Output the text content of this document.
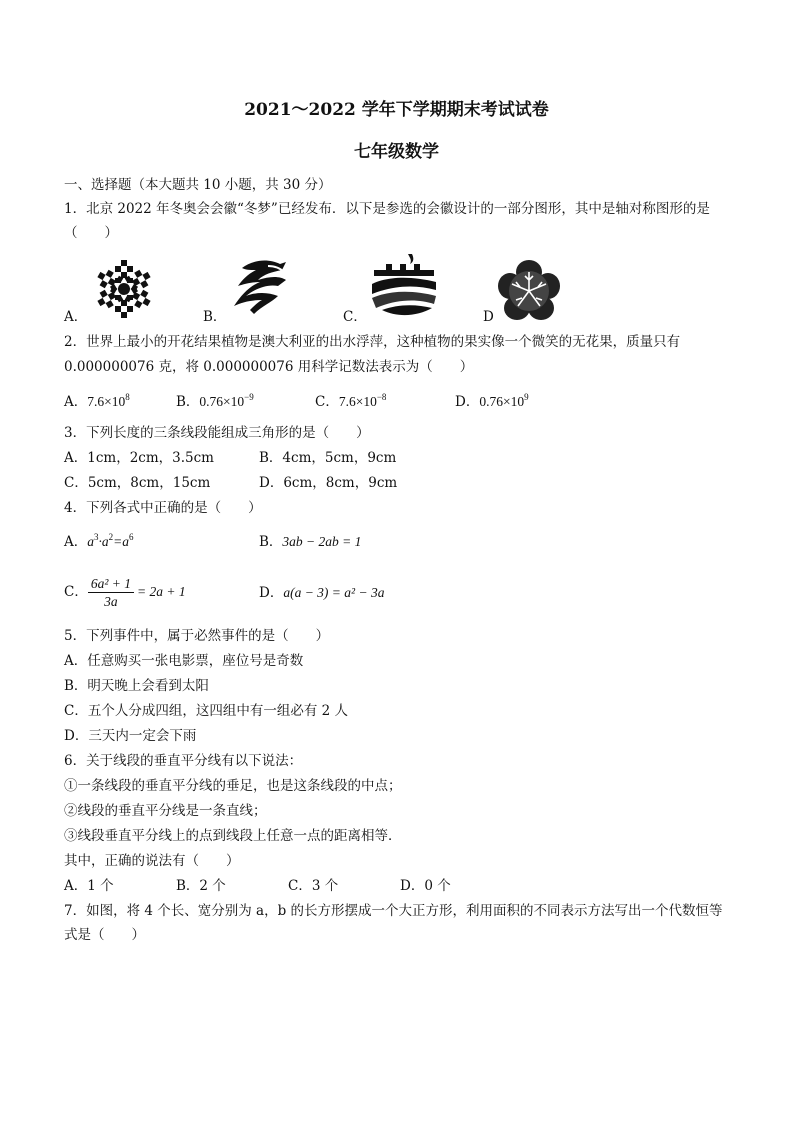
2021～2022 学年下学期期末考试试卷
七年级数学
一、选择题（本大题共 10 小题，共 30 分）
1．北京 2022 年冬奥会会徽“冬梦”已经发布．以下是参选的会徽设计的一部分图形，其中是轴对称图形的是
（　　）
A．	B．	C．	D
2．世界上最小的开花结果植物是澳大利亚的出水浮萍，这种植物的果实像一个微笑的无花果，质量只有
0.000000076 克，将 0.000000076 用科学记数法表示为（　　）
A．$7.6\times 10^8$	B．$0.76\times 10^{-9}$	C．$7.6\times 10^{-8}$	D．$0.76\times 10^9$
3．下列长度的三条线段能组成三角形的是（　　）
A．1cm，2cm，3.5cm	B．4cm，5cm，9cm
C．5cm，8cm，15cm	D．6cm，8cm，9cm
4．下列各式中正确的是（　　）
A．$a^3\cdot a^2=a^6$	B．3ab − 2ab = 1
C． $\frac{\text{6a² + 1}}{3a} = 2a + 1$	D．a(a − 3) = a² − 3a
5．下列事件中，属于必然事件的是（　　）
A．任意购买一张电影票，座位号是奇数
B．明天晚上会看到太阳
C．五个人分成四组，这四组中有一组必有 2 人
D．三天内一定会下雨
6．关于线段的垂直平分线有以下说法：
①一条线段的垂直平分线的垂足，也是这条线段的中点；
②线段的垂直平分线是一条直线；
③线段垂直平分线上的点到线段上任意一点的距离相等．
其中，正确的说法有（　　）
A．1 个	B．2 个	C．3 个	D．0 个
7．如图，将 4 个长、宽分别为 a，b 的长方形摆成一个大正方形，利用面积的不同表示方法写出一个代数恒等
式是（　　）
